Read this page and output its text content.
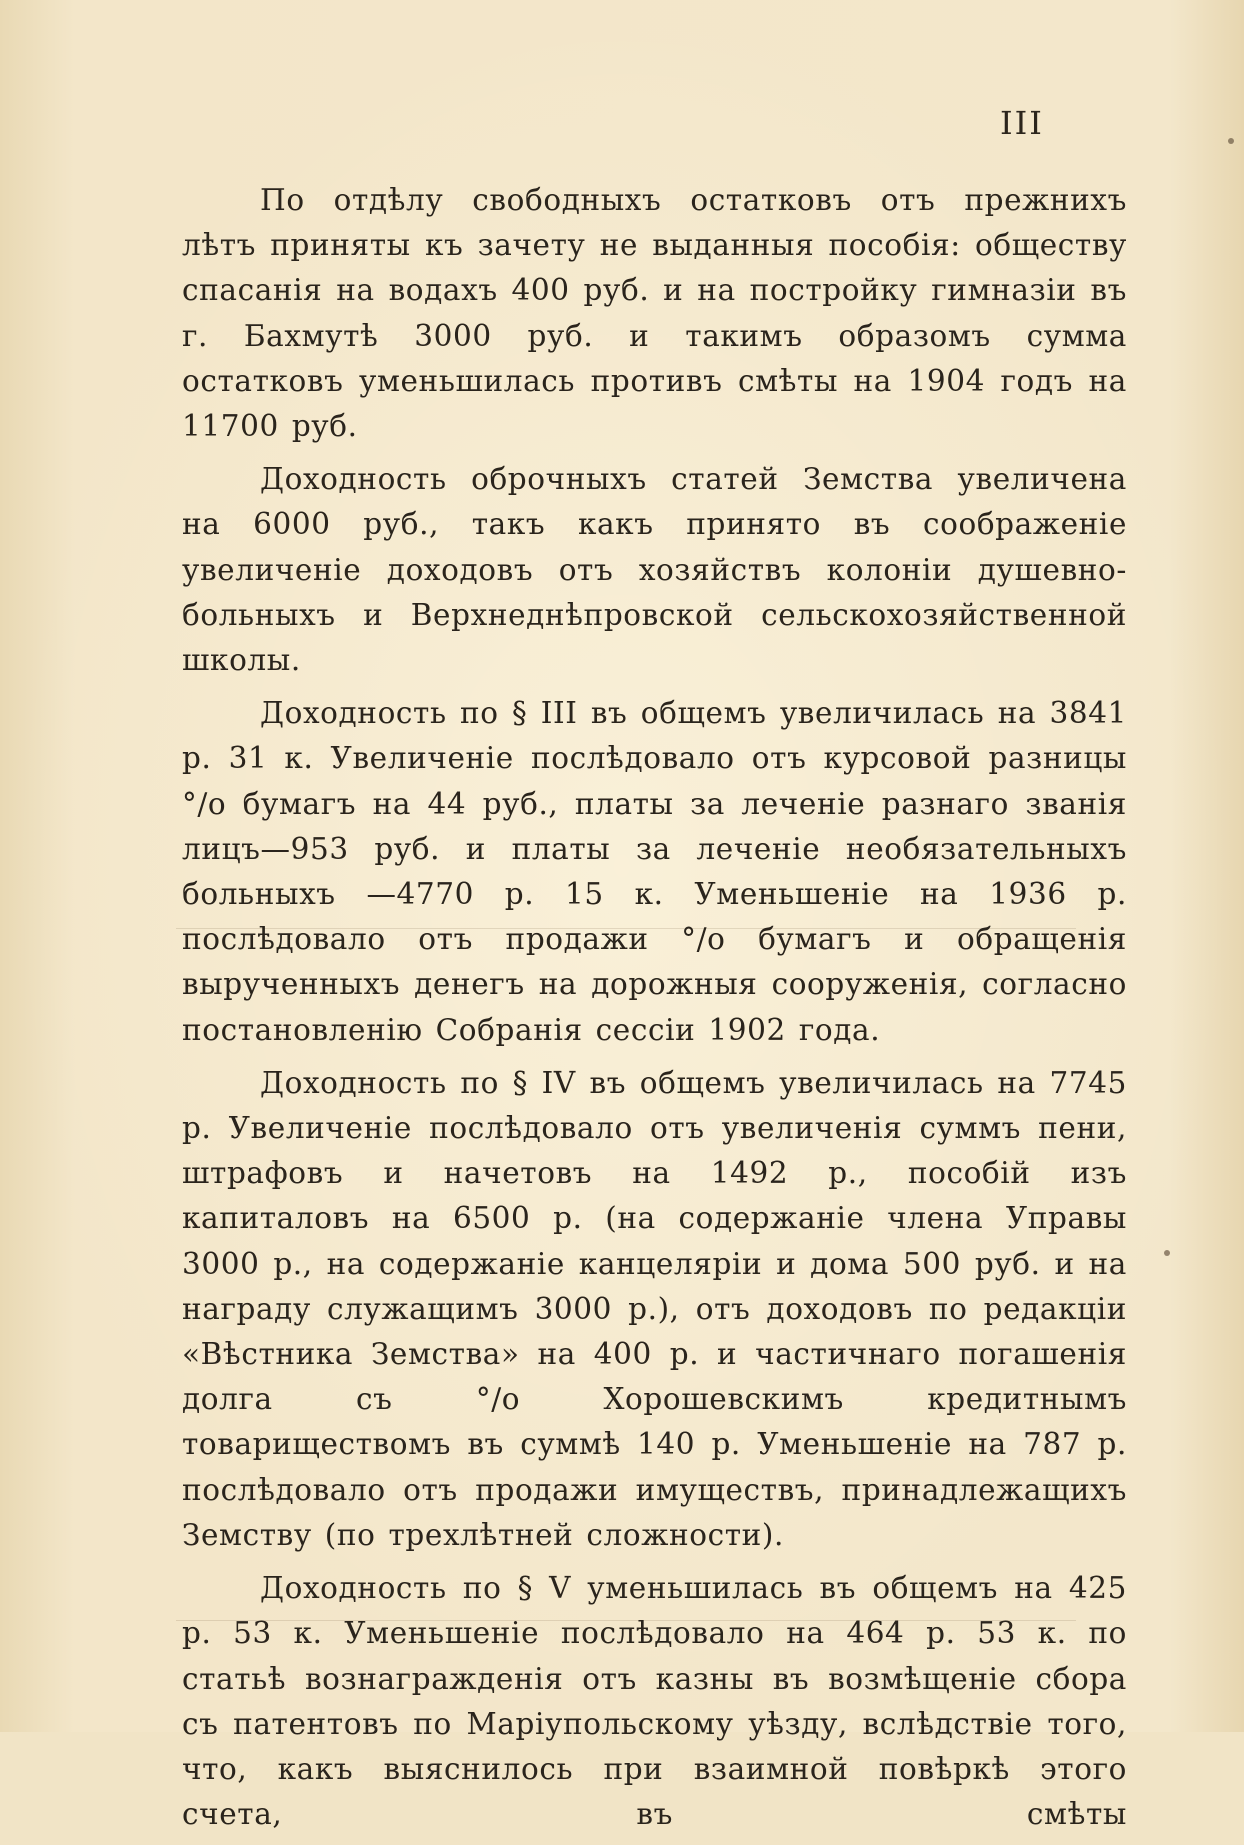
III

По отдѣлу свободныхъ остатковъ отъ прежнихъ лѣтъ приняты къ зачету не выданныя пособія: обществу спасанія на водахъ 400 руб. и на постройку гимназіи въ г. Бахмутѣ 3000 руб. и такимъ образомъ сумма остатковъ уменьшилась противъ смѣты на 1904 годъ на 11700 руб.

Доходность оброчныхъ статей Земства увеличена на 6000 руб., такъ какъ принято въ соображеніе увеличеніе доходовъ отъ хозяйствъ колоніи душевно-больныхъ и Верхнеднѣпровской сельскохозяйственной школы.

Доходность по § III въ общемъ увеличилась на 3841 р. 31 к. Увеличеніе послѣдовало отъ курсовой разницы °/о бумагъ на 44 руб., платы за леченіе разнаго званія лицъ—953 руб. и платы за леченіе необязательныхъ больныхъ —4770 р. 15 к. Уменьшеніе на 1936 р. послѣдовало отъ продажи °/о бумагъ и обращенія вырученныхъ денегъ на дорожныя сооруженія, согласно постановленію Собранія сессіи 1902 года.

Доходность по § IV въ общемъ увеличилась на 7745 р. Увеличеніе послѣдовало отъ увеличенія суммъ пени, штрафовъ и начетовъ на 1492 р., пособій изъ капиталовъ на 6500 р. (на содержаніе члена Управы 3000 р., на содержаніе канцеляріи и дома 500 руб. и на награду служащимъ 3000 р.), отъ доходовъ по редакціи «Вѣстника Земства» на 400 р. и частичнаго погашенія долга съ °/о Хорошевскимъ кредитнымъ товариществомъ въ суммѣ 140 р. Уменьшеніе на 787 р. послѣдовало отъ продажи имуществъ, принадлежащихъ Земству (по трехлѣтней сложности).

Доходность по § V уменьшилась въ общемъ на 425 р. 53 к. Уменьшеніе послѣдовало на 464 р. 53 к. по статьѣ вознагражденія отъ казны въ возмѣщеніе сбора съ патентовъ по Маріупольскому уѣзду, вслѣдствіе того, что, какъ выяснилось при взаимной повѣркѣ этого счета, въ смѣты
